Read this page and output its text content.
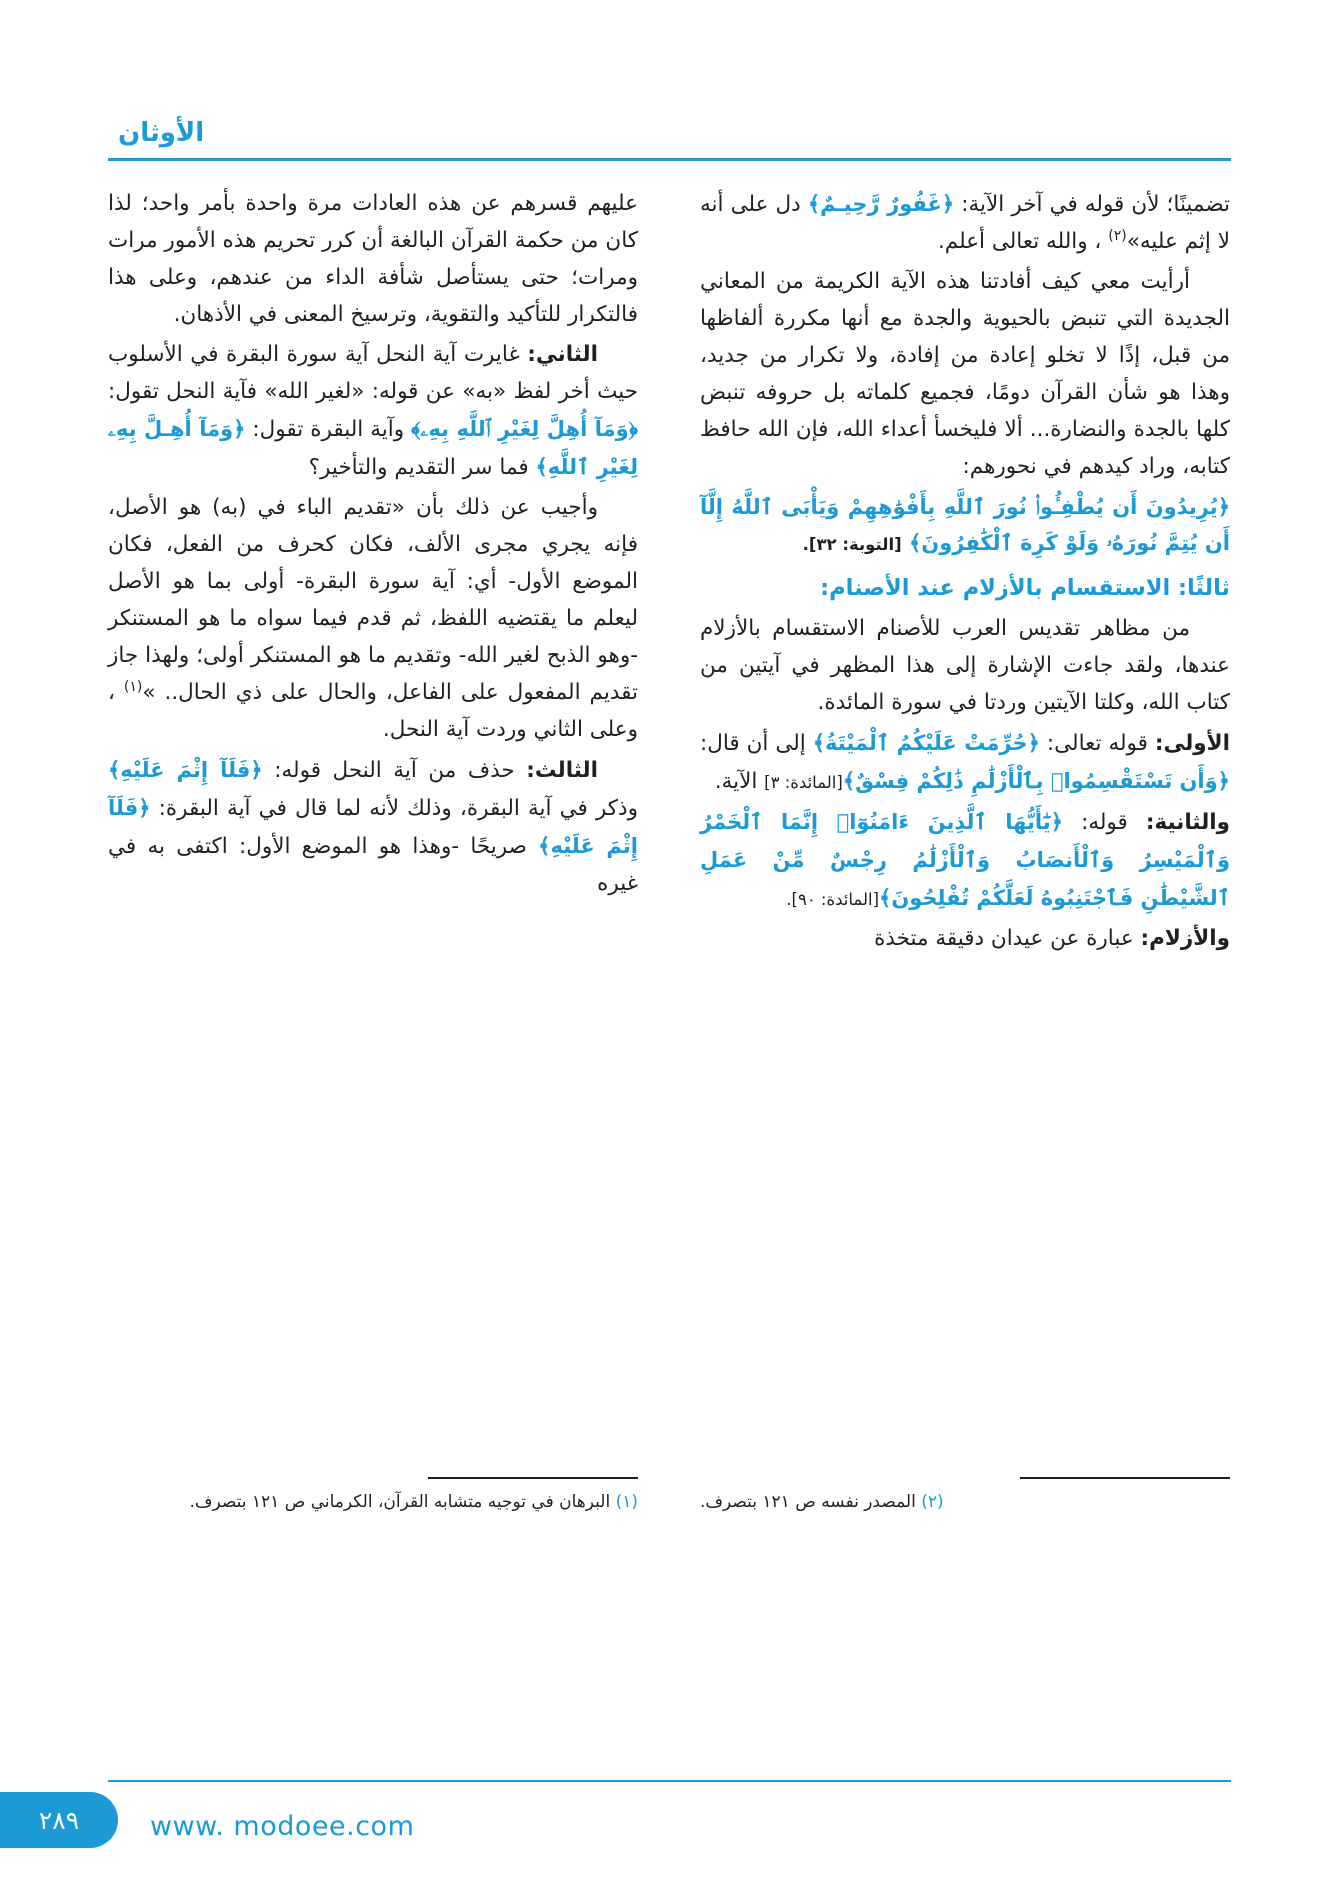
الأوثان

عليهم قسرهم عن هذه العادات مرة واحدة بأمر واحد؛ لذا كان من حكمة القرآن البالغة أن كرر تحريم هذه الأمور مرات ومرات؛ حتى يستأصل شأفة الداء من عندهم، وعلى هذا فالتكرار للتأكيد والتقوية، وترسيخ المعنى في الأذهان.

الثاني: غايرت آية النحل آية سورة البقرة في الأسلوب حيث أخر لفظ «به» عن قوله: «لغير الله» فآية النحل تقول: ﴿وَمَآ أُهِلَّ لِغَيْرِ ٱللَّهِ بِهِۦ﴾ وآية البقرة تقول: ﴿وَمَآ أُهِـلَّ بِهِۦ لِغَيْرِ ٱللَّهِ﴾ فما سر التقديم والتأخير؟

وأجيب عن ذلك بأن «تقديم الباء في (به) هو الأصل، فإنه يجري مجرى الألف، فكان كحرف من الفعل، فكان الموضع الأول- أي: آية سورة البقرة- أولى بما هو الأصل ليعلم ما يقتضيه اللفظ، ثم قدم فيما سواه ما هو المستنكر -وهو الذبح لغير الله- وتقديم ما هو المستنكر أولى؛ ولهذا جاز تقديم المفعول على الفاعل، والحال على ذي الحال.. »$^{(١)}$ ، وعلى الثاني وردت آية النحل.

الثالث: حذف من آية النحل قوله: ﴿فَلَآ إِثْمَ عَلَيْهِ﴾ وذكر في آية البقرة، وذلك لأنه لما قال في آية البقرة: ﴿فَلَآ إِثْمَ عَلَيْهِ﴾ صريحًا -وهذا هو الموضع الأول: اكتفى به في غيره

(١) البرهان في توجيه متشابه القرآن، الكرماني ص ١٢١ بتصرف.

تضمينًا؛ لأن قوله في آخر الآية: ﴿غَفُورٌ رَّحِيـمٌ﴾ دل على أنه لا إثم عليه»$^{(٢)}$ ، والله تعالى أعلم.

أرأيت معي كيف أفادتنا هذه الآية الكريمة من المعاني الجديدة التي تنبض بالحيوية والجدة مع أنها مكررة ألفاظها من قبل، إذًا لا تخلو إعادة من إفادة، ولا تكرار من جديد، وهذا هو شأن القرآن دومًا، فجميع كلماته بل حروفه تنبض كلها بالجدة والنضارة... ألا فليخسأ أعداء الله، فإن الله حافظ كتابه، وراد كيدهم في نحورهم:

﴿يُرِيدُونَ أَن يُطْفِـُٔوا۟ نُورَ ٱللَّهِ بِأَفْوَٰهِهِمْ وَيَأْبَى ٱللَّهُ إِلَّآ أَن يُتِمَّ نُورَهُۥ وَلَوْ كَرِهَ ٱلْكَٰفِرُونَ﴾ [التوبة: ٣٢].

ثالثًا: الاستقسام بالأزلام عند الأصنام:

من مظاهر تقديس العرب للأصنام الاستقسام بالأزلام عندها، ولقد جاءت الإشارة إلى هذا المظهر في آيتين من كتاب الله، وكلتا الآيتين وردتا في سورة المائدة.

الأولى: قوله تعالى: ﴿حُرِّمَتْ عَلَيْكُمُ ٱلْمَيْتَةُ﴾ إلى أن قال: ﴿وَأَن تَسْتَقْسِمُوا۟ بِٱلْأَزْلَٰمِ ذَٰلِكُمْ فِسْقٌ﴾[المائدة: ٣] الآية.

والثانية: قوله: ﴿يَٰٓأَيُّهَا ٱلَّذِينَ ءَامَنُوٓا۟ إِنَّمَا ٱلْخَمْرُ وَٱلْمَيْسِرُ وَٱلْأَنصَابُ وَٱلْأَزْلَٰمُ رِجْسٌ مِّنْ عَمَلِ ٱلشَّيْطَٰنِ فَٱجْتَنِبُوهُ لَعَلَّكُمْ تُفْلِحُونَ﴾[المائدة: ٩٠].

والأزلام: عبارة عن عيدان دقيقة متخذة

(٢) المصدر نفسه ص ١٢١ بتصرف.

٢٨٩	www. modoee.com
